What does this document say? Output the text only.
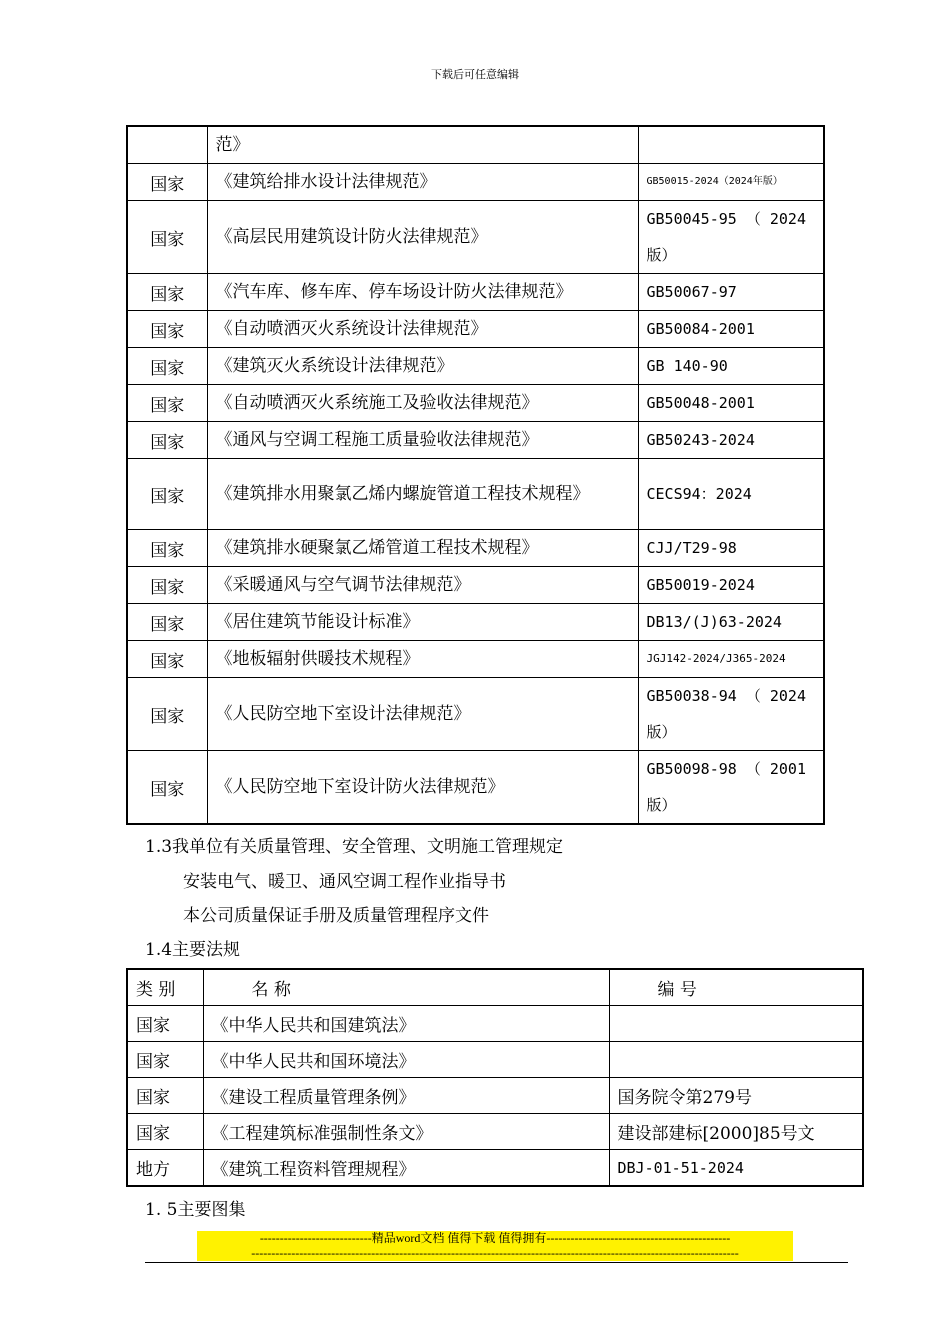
下载后可任意编辑
	范》	
国家	《建筑给排水设计法律规范》	GB50015-2024（2024年版）
国家	《高层民用建筑设计防火法律规范》	GB50045-95 （ 2024版）
国家	《汽车库、修车库、停车场设计防火法律规范》	GB50067-97
国家	《自动喷洒灭火系统设计法律规范》	GB50084-2001
国家	《建筑灭火系统设计法律规范》	GB 140-90
国家	《自动喷洒灭火系统施工及验收法律规范》	GB50048-2001
国家	《通风与空调工程施工质量验收法律规范》	GB50243-2024
国家	《建筑排水用聚氯乙烯内螺旋管道工程技术规程》	CECS94：2024
国家	《建筑排水硬聚氯乙烯管道工程技术规程》	CJJ/T29-98
国家	《采暖通风与空气调节法律规范》	GB50019-2024
国家	《居住建筑节能设计标准》	DB13/(J)63-2024
国家	《地板辐射供暖技术规程》	JGJ142-2024/J365-2024
国家	《人民防空地下室设计法律规范》	GB50038-94 （ 2024版）
国家	《人民防空地下室设计防火法律规范》	GB50098-98 （ 2001版）
1.3我单位有关质量管理、安全管理、文明施工管理规定
安装电气、暖卫、通风空调工程作业指导书
本公司质量保证手册及质量管理程序文件
1.4主要法规
类 别	名 称	编 号
国家	《中华人民共和国建筑法》	
国家	《中华人民共和国环境法》	
国家	《建设工程质量管理条例》	国务院令第279号
国家	《工程建筑标准强制性条文》	建设部建标[2000]85号文
地方	《建筑工程资料管理规程》	DBJ-01-51-2024
1. 5主要图集
----------------------------精品word文档 值得下载 值得拥有----------------------------------------------
--------------------------------------------------------------------------------------------------------------------------
